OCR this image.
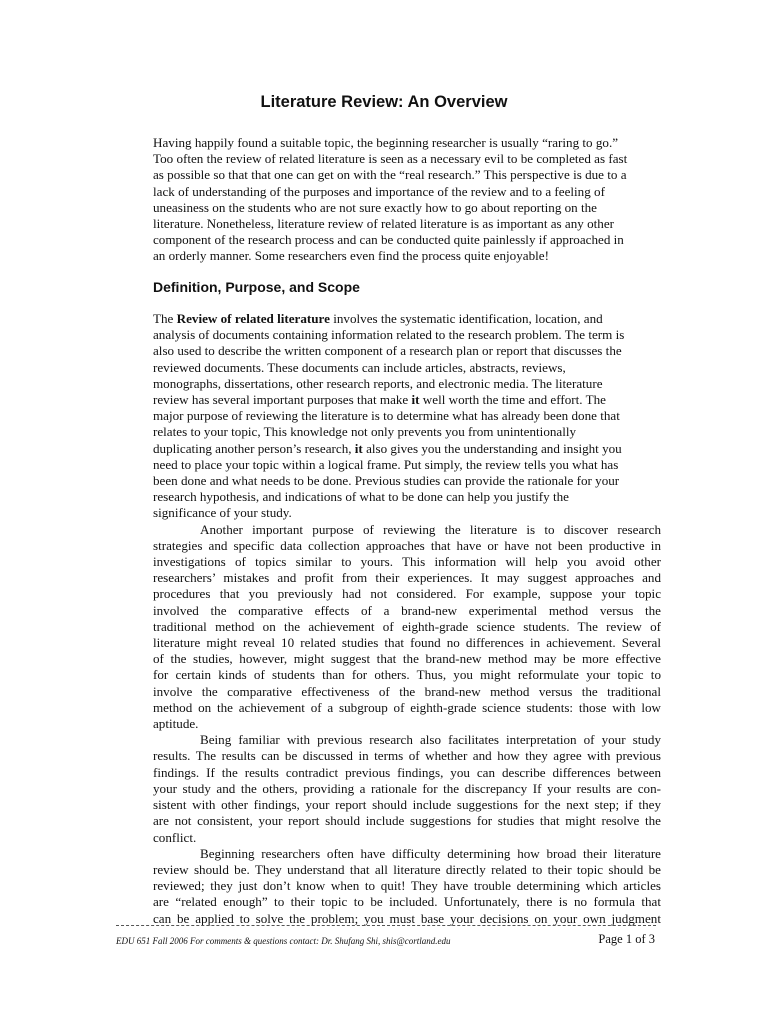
Literature Review: An Overview
Having happily found a suitable topic, the beginning researcher is usually “raring to go.”
Too often the review of related literature is seen as a necessary evil to be completed as fast
as possible so that that one can get on with the “real research.” This perspective is due to a
lack of understanding of the purposes and importance of the review and to a feeling of
uneasiness on the students who are not sure exactly how to go about reporting on the
literature. Nonetheless, literature review of related literature is as important as any other
component of the research process and can be conducted quite painlessly if approached in
an orderly manner. Some researchers even find the process quite enjoyable!
Definition, Purpose, and Scope
The Review of related literature involves the systematic identification, location, and
analysis of documents containing information related to the research problem. The term is
also used to describe the written component of a research plan or report that discusses the
reviewed documents. These documents can include articles, abstracts, reviews,
monographs, dissertations, other research reports, and electronic media. The literature
review has several important purposes that make it well worth the time and effort. The
major purpose of reviewing the literature is to determine what has already been done that
relates to your topic, This knowledge not only prevents you from unintentionally
duplicating another person’s research, it also gives you the understanding and insight you
need to place your topic within a logical frame. Put simply, the review tells you what has
been done and what needs to be done. Previous studies can provide the rationale for your
research hypothesis, and indications of what to be done can help you justify the
significance of your study.
Another important purpose of reviewing the literature is to discover research
strategies and specific data collection approaches that have or have not been productive in
investigations of topics similar to yours. This information will help you avoid other
researchers’ mistakes and profit from their experiences. It may suggest approaches and
procedures that you previously had not considered. For example, suppose your topic
involved the comparative effects of a brand-new experimental method versus the
traditional method on the achievement of eighth-grade science students. The review of
literature might reveal 10 related studies that found no differences in achievement. Several
of the studies, however, might suggest that the brand-new method may be more effective
for certain kinds of students than for others. Thus, you might reformulate your topic to
involve the comparative effectiveness of the brand-new method versus the traditional
method on the achievement of a subgroup of eighth-grade science students: those with low
aptitude.
Being familiar with previous research also facilitates interpretation of your study
results. The results can be discussed in terms of whether and how they agree with previous
findings. If the results contradict previous findings, you can describe differences between
your study and the others, providing a rationale for the discrepancy If your results are con-
sistent with other findings, your report should include suggestions for the next step; if they
are not consistent, your report should include suggestions for studies that might resolve the
conflict.
Beginning researchers often have difficulty determining how broad their literature
review should be. They understand that all literature directly related to their topic should be
reviewed; they just don’t know when to quit! They have trouble determining which articles
are “related enough” to their topic to be included. Unfortunately, there is no formula that
can be applied to solve the problem; you must base your decisions on your own judgment
EDU 651 Fall 2006 For comments & questions contact: Dr. Shufang Shi, shis@cortland.edu	Page 1 of 3
